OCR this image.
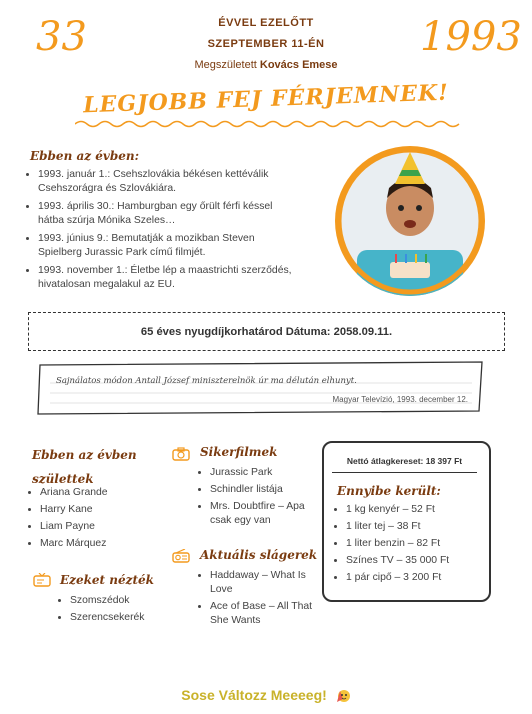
33	1993
ÉVVEL EZELŐTT
SZEPTEMBER 11-ÉN
Megszületett Kovács Emese
LEGJOBB FEJ FÉRJEMNEK!
Ebben az évben:
• 1993. január 1.: Csehszlovákia békésen kettéválik Csehszorágra és Szlovákiára.
• 1993. április 30.: Hamburgban egy őrült férfi késsel hátba szúrja Mónika Szeles…
• 1993. június 9.: Bemutatják a mozikban Steven Spielberg Jurassic Park című filmjét.
• 1993. november 1.: Életbe lép a maastrichti szerződés, hivatalosan megalakul az EU.
65 éves nyugdíjkorhatárod Dátuma:
2058.09.11.
Sajnálatos módon Antall József miniszterelnök úr ma délután elhunyt.
Magyar Televízió, 1993. december 12.
Ebben az évben
születtek
• Ariana Grande
• Harry Kane
• Liam Payne
• Marc Márquez
Ezeket nézték
• Szomszédok
• Szerencsekerék
Sikerfilmek
• Jurassic Park
• Schindler listája
• Mrs. Doubtfire – Apa csak egy van
Aktuális slágerek
• Haddaway – What Is Love
• Ace of Base – All That She Wants
Nettó átlagkereset: 18 397 Ft
Ennyibe került:
• 1 kg kenyér – 52 Ft
• 1 liter tej – 38 Ft
• 1 liter benzin – 82 Ft
• Színes TV – 35 000 Ft
• 1 pár cipő – 3 200 Ft
Sose Változz Meeeeg!
